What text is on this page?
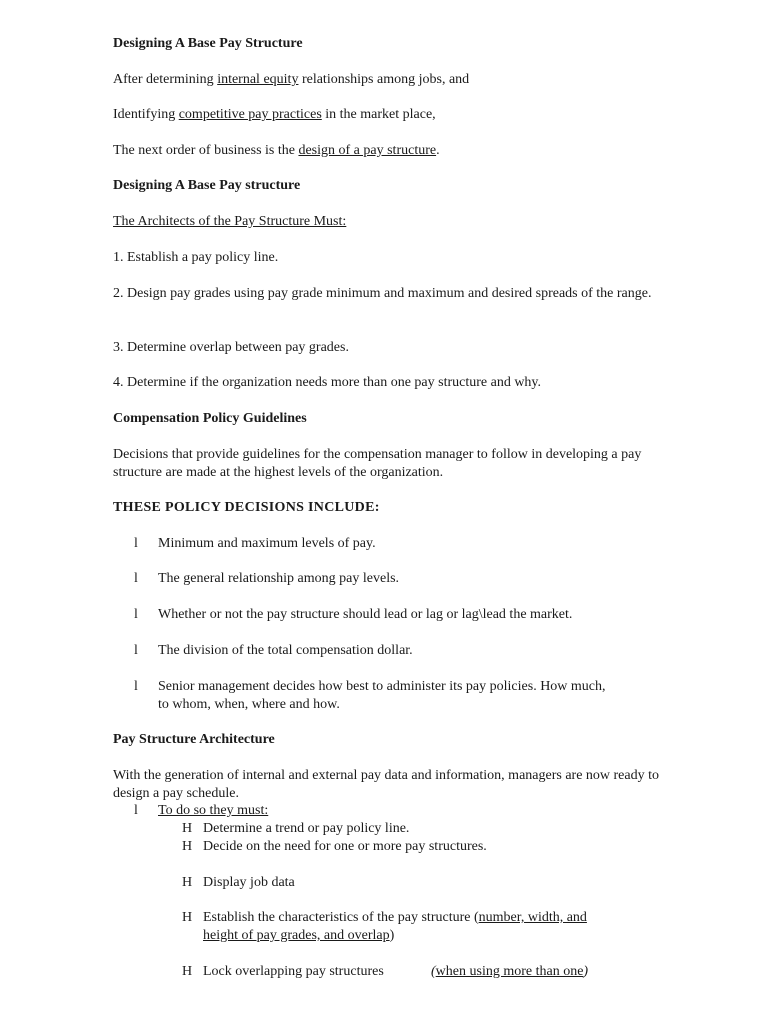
Designing A Base Pay Structure
After determining internal equity relationships among jobs, and
Identifying competitive pay practices in the market place,
The next order of business is the design of a pay structure.
Designing A Base Pay structure
The Architects of the Pay Structure Must:
1. Establish a pay policy line.
2. Design pay grades using pay grade minimum and maximum and desired spreads of the range.
3. Determine overlap between pay grades.
4. Determine if the organization needs more than one pay structure and why.
Compensation Policy Guidelines
Decisions that provide guidelines for the compensation manager to follow in developing a pay structure are made at the highest levels of the organization.
THESE POLICY DECISIONS INCLUDE:
l Minimum and maximum levels of pay.
l The general relationship among pay levels.
l Whether or not the pay structure should lead or lag or lag\lead the market.
l The division of the total compensation dollar.
l Senior management decides how best to administer its pay policies. How much,
to whom, when, where and how.
Pay Structure Architecture
With the generation of internal and external pay data and information, managers are now ready to design a pay schedule.
l To do so they must:
H Determine a trend or pay policy line.
H Decide on the need for one or more pay structures.
H Display job data
H Establish the characteristics of the pay structure (number, width, and
height of pay grades, and overlap)
H Lock overlapping pay structures	(when using more than one)
